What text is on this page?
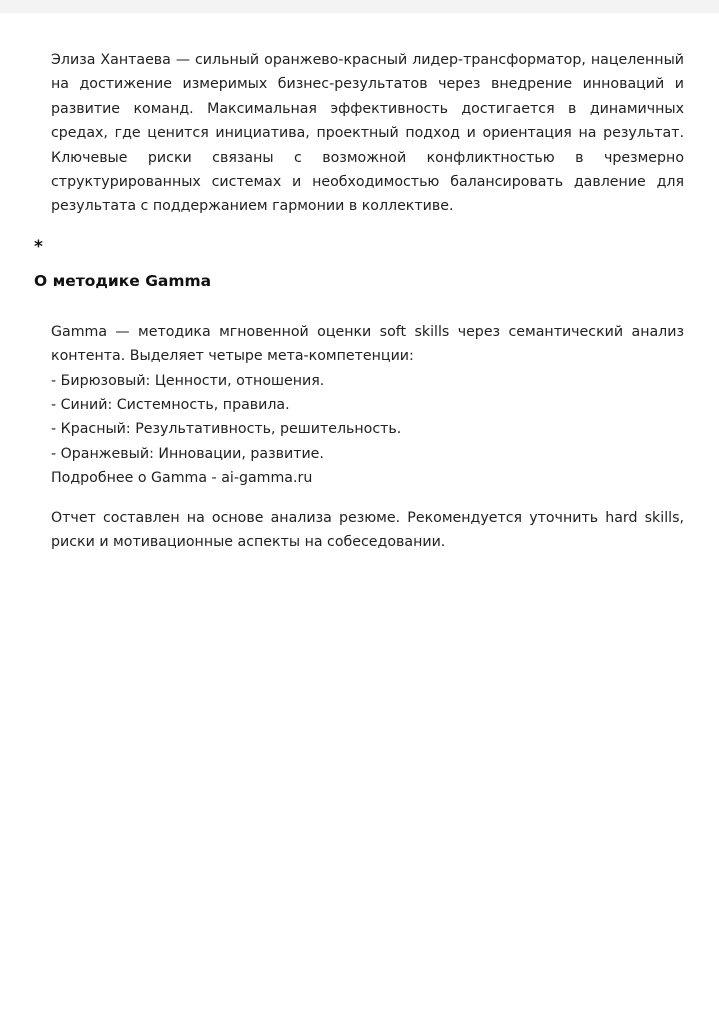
Элиза Хантаева — сильный оранжево-красный лидер-трансформатор, нацеленный на достижение измеримых бизнес-результатов через внедрение инноваций и развитие команд. Максимальная эффективность достигается в динамичных средах, где ценится инициатива, проектный подход и ориентация на результат. Ключевые риски связаны с возможной конфликтностью в чрезмерно структурированных системах и необходимостью балансировать давление для результата с поддержанием гармонии в коллективе.

*

О методике Gamma

Gamma — методика мгновенной оценки soft skills через семантический анализ контента. Выделяет четыре мета-компетенции:

- Бирюзовый: Ценности, отношения.

- Синий: Системность, правила.

- Красный: Результативность, решительность.

- Оранжевый: Инновации, развитие.

Подробнее о Gamma - ai-gamma.ru

Отчет составлен на основе анализа резюме. Рекомендуется уточнить hard skills, риски и мотивационные аспекты на собеседовании.
